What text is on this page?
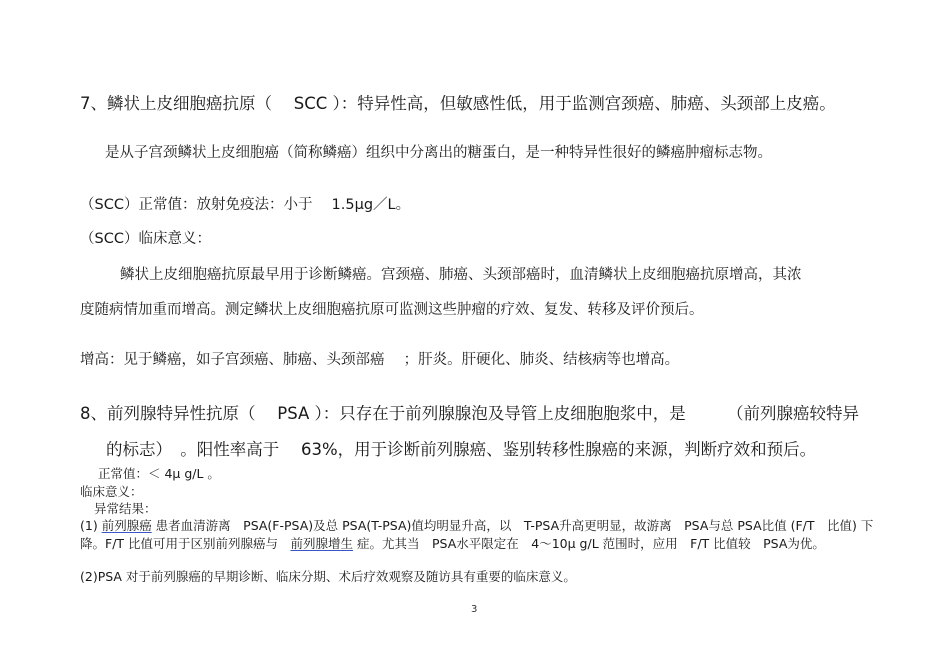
7、鳞状上皮细胞癌抗原（　 SCC ）：特异性高，但敏感性低，用于监测宫颈癌、肺癌、头颈部上皮癌。
是从子宫颈鳞状上皮细胞癌（简称鳞癌）组织中分离出的糖蛋白，是一种特异性很好的鳞癌肿瘤标志物。
（SCC）正常值：放射免疫法：小于　 1.5μg／L。
（SCC）临床意义：
鳞状上皮细胞癌抗原最早用于诊断鳞癌。宫颈癌、肺癌、头颈部癌时，血清鳞状上皮细胞癌抗原增高，其浓
度随病情加重而增高。测定鳞状上皮细胞癌抗原可监测这些肿瘤的疗效、复发、转移及评价预后。
增高：见于鳞癌，如子宫颈癌、肺癌、头颈部癌　 ；肝炎。肝硬化、肺炎、结核病等也增高。
8、前列腺特异性抗原（　 PSA ）：只存在于前列腺腺泡及导管上皮细胞胞浆中，是　　　（前列腺癌较特异
的标志）　。阳性率高于　 63%，用于诊断前列腺癌、鉴别转移性腺癌的来源，判断疗效和预后。
正常值：＜ 4μ g/L 。
临床意义：
异常结果：
(1) 前列腺癌 患者血清游离　PSA(F-PSA)及总 PSA(T-PSA)值均明显升高，以　T-PSA升高更明显，故游离　PSA与总 PSA比值 (F/T　比值) 下
降。F/T 比值可用于区别前列腺癌与　前列腺增生 症。尤其当　PSA水平限定在　4～10μ g/L 范围时，应用　F/T 比值较　PSA为优。
(2)PSA 对于前列腺癌的早期诊断、临床分期、术后疗效观察及随访具有重要的临床意义。
3
